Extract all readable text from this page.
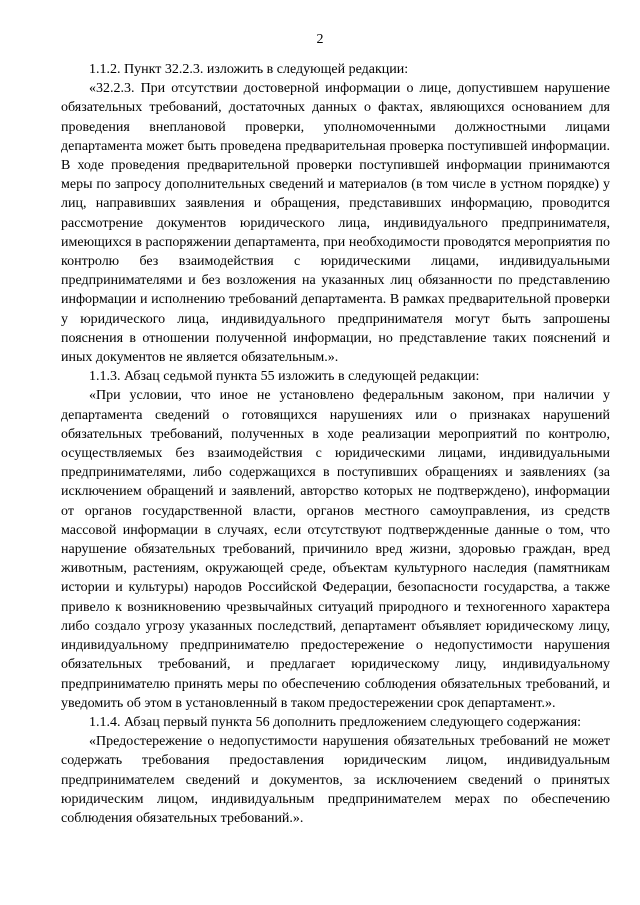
2

1.1.2. Пункт 32.2.3. изложить в следующей редакции:

«32.2.3. При отсутствии достоверной информации о лице, допустившем нарушение обязательных требований, достаточных данных о фактах, являющихся основанием для проведения внеплановой проверки, уполномоченными должностными лицами департамента может быть проведена предварительная проверка поступившей информации. В ходе проведения предварительной проверки поступившей информации принимаются меры по запросу дополнительных сведений и материалов (в том числе в устном порядке) у лиц, направивших заявления и обращения, представивших информацию, проводится рассмотрение документов юридического лица, индивидуального предпринимателя, имеющихся в распоряжении департамента, при необходимости проводятся мероприятия по контролю без взаимодействия с юридическими лицами, индивидуальными предпринимателями и без возложения на указанных лиц обязанности по представлению информации и исполнению требований департамента. В рамках предварительной проверки у юридического лица, индивидуального предпринимателя могут быть запрошены пояснения в отношении полученной информации, но представление таких пояснений и иных документов не является обязательным.».

1.1.3. Абзац седьмой пункта 55 изложить в следующей редакции:

«При условии, что иное не установлено федеральным законом, при наличии у департамента сведений о готовящихся нарушениях или о признаках нарушений обязательных требований, полученных в ходе реализации мероприятий по контролю, осуществляемых без взаимодействия с юридическими лицами, индивидуальными предпринимателями, либо содержащихся в поступивших обращениях и заявлениях (за исключением обращений и заявлений, авторство которых не подтверждено), информации от органов государственной власти, органов местного самоуправления, из средств массовой информации в случаях, если отсутствуют подтвержденные данные о том, что нарушение обязательных требований, причинило вред жизни, здоровью граждан, вред животным, растениям, окружающей среде, объектам культурного наследия (памятникам истории и культуры) народов Российской Федерации, безопасности государства, а также привело к возникновению чрезвычайных ситуаций природного и техногенного характера либо создало угрозу указанных последствий, департамент объявляет юридическому лицу, индивидуальному предпринимателю предостережение о недопустимости нарушения обязательных требований, и предлагает юридическому лицу, индивидуальному предпринимателю принять меры по обеспечению соблюдения обязательных требований, и уведомить об этом в установленный в таком предостережении срок департамент.».

1.1.4. Абзац первый пункта 56 дополнить предложением следующего содержания:

«Предостережение о недопустимости нарушения обязательных требований не может содержать требования предоставления юридическим лицом, индивидуальным предпринимателем сведений и документов, за исключением сведений о принятых юридическим лицом, индивидуальным предпринимателем мерах по обеспечению соблюдения обязательных требований.».
